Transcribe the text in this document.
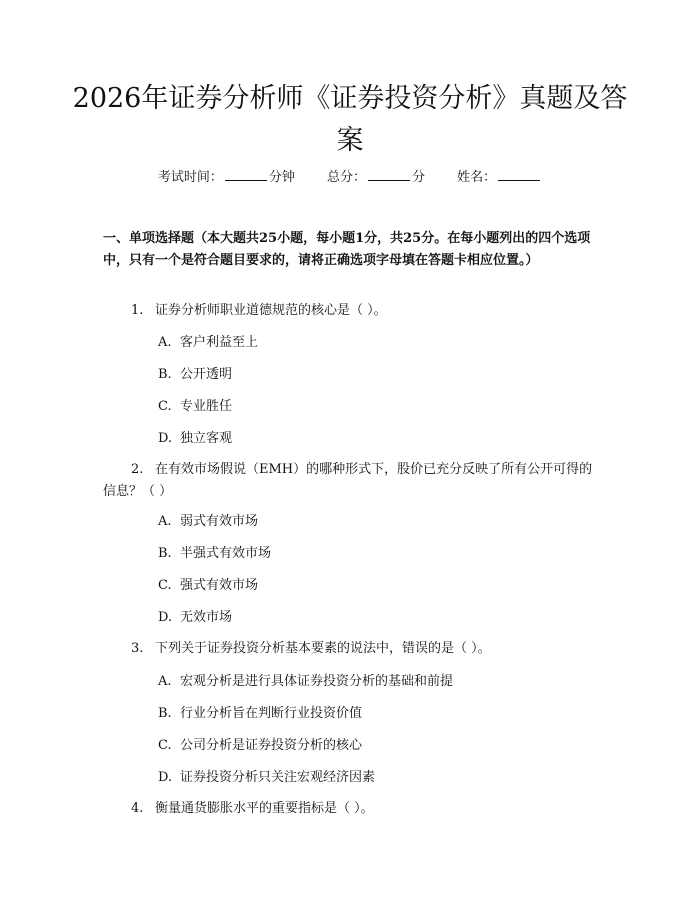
2026年证券分析师《证券投资分析》真题及答案
考试时间：	分钟 总分：	分 姓名：

一、单项选择题（本大题共25小题，每小题1分，共25分。在每小题列出的四个选项中，只有一个是符合题目要求的，请将正确选项字母填在答题卡相应位置。）

1. 证券分析师职业道德规范的核心是（ ）。

A. 客户利益至上
B. 公开透明
C. 专业胜任
D. 独立客观

2. 在有效市场假说（EMH）的哪种形式下，股价已充分反映了所有公开可得的信息？（ ）

A. 弱式有效市场
B. 半强式有效市场
C. 强式有效市场
D. 无效市场

3. 下列关于证券投资分析基本要素的说法中，错误的是（ ）。

A. 宏观分析是进行具体证券投资分析的基础和前提
B. 行业分析旨在判断行业投资价值
C. 公司分析是证券投资分析的核心
D. 证券投资分析只关注宏观经济因素

4. 衡量通货膨胀水平的重要指标是（ ）。
